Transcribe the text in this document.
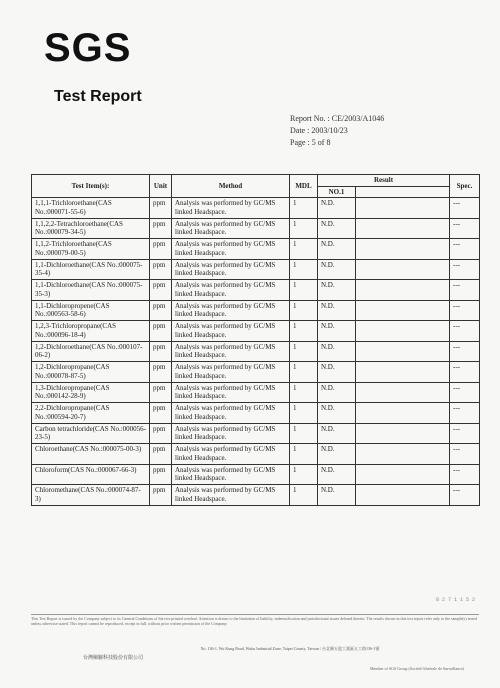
SGS
Test Report
Report No. : CE/2003/A1046
Date : 2003/10/23
Page : 5 of 8
Test Item(s):	Unit	Method	MDL	Result		Spec.
				NO.1		
1,1,1-Trichloroethane(CAS No.:000071-55-6)	ppm	Analysis was performed by GC/MS linked Headspace.	1	N.D.		---
1,1,2,2-Tetrachloroethane(CAS No.:000079-34-5)	ppm	Analysis was performed by GC/MS linked Headspace.	1	N.D.		---
1,1,2-Trichloroethane(CAS No.:000079-00-5)	ppm	Analysis was performed by GC/MS linked Headspace.	1	N.D.		---
1,1-Dichloroethane(CAS No.:000075-35-4)	ppm	Analysis was performed by GC/MS linked Headspace.	1	N.D.		---
1,1-Dichloroethane(CAS No.:000075-35-3)	ppm	Analysis was performed by GC/MS linked Headspace.	1	N.D.		---
1,1-Dichloropropene(CAS No.:000563-58-6)	ppm	Analysis was performed by GC/MS linked Headspace.	1	N.D.		---
1,2,3-Trichloropropane(CAS No.:000096-18-4)	ppm	Analysis was performed by GC/MS linked Headspace.	1	N.D.		---
1,2-Dichloroethane(CAS No.:000107-06-2)	ppm	Analysis was performed by GC/MS linked Headspace.	1	N.D.		---
1,2-Dichloropropane(CAS No.:000078-87-5)	ppm	Analysis was performed by GC/MS linked Headspace.	1	N.D.		---
1,3-Dichloropropane(CAS No.:000142-28-9)	ppm	Analysis was performed by GC/MS linked Headspace.	1	N.D.		---
2,2-Dichloropropane(CAS No.:000594-20-7)	ppm	Analysis was performed by GC/MS linked Headspace.	1	N.D.		---
Carbon tetrachloride(CAS No.:000056-23-5)	ppm	Analysis was performed by GC/MS linked Headspace.	1	N.D.		---
Chloroethane(CAS No.:000075-00-3)	ppm	Analysis was performed by GC/MS linked Headspace.	1	N.D.		---
Chloroform(CAS No.:000067-66-3)	ppm	Analysis was performed by GC/MS linked Headspace.	1	N.D.		---
Chloromethane(CAS No.:000074-87-3)	ppm	Analysis was performed by GC/MS linked Headspace.	1	N.D.		---
8 2 7 1 1 5 2
This Test Report is issued by the Company subject to its General Conditions of Service printed overleaf. Attention is drawn to the limitation of liability, indemnification and jurisdictional issues defined therein. The results shown in this test report refer only to the sample(s) tested unless otherwise stated. This report cannot be reproduced, except in full, without prior written permission of the Company.
No. 136-1, Wu Kung Road, Wuku Industrial Zone, Taipei County, Taiwan / 台北縣五股工業區五工路136-1號
台灣檢驗科技股份有限公司
Member of SGS Group (Société Générale de Surveillance)
